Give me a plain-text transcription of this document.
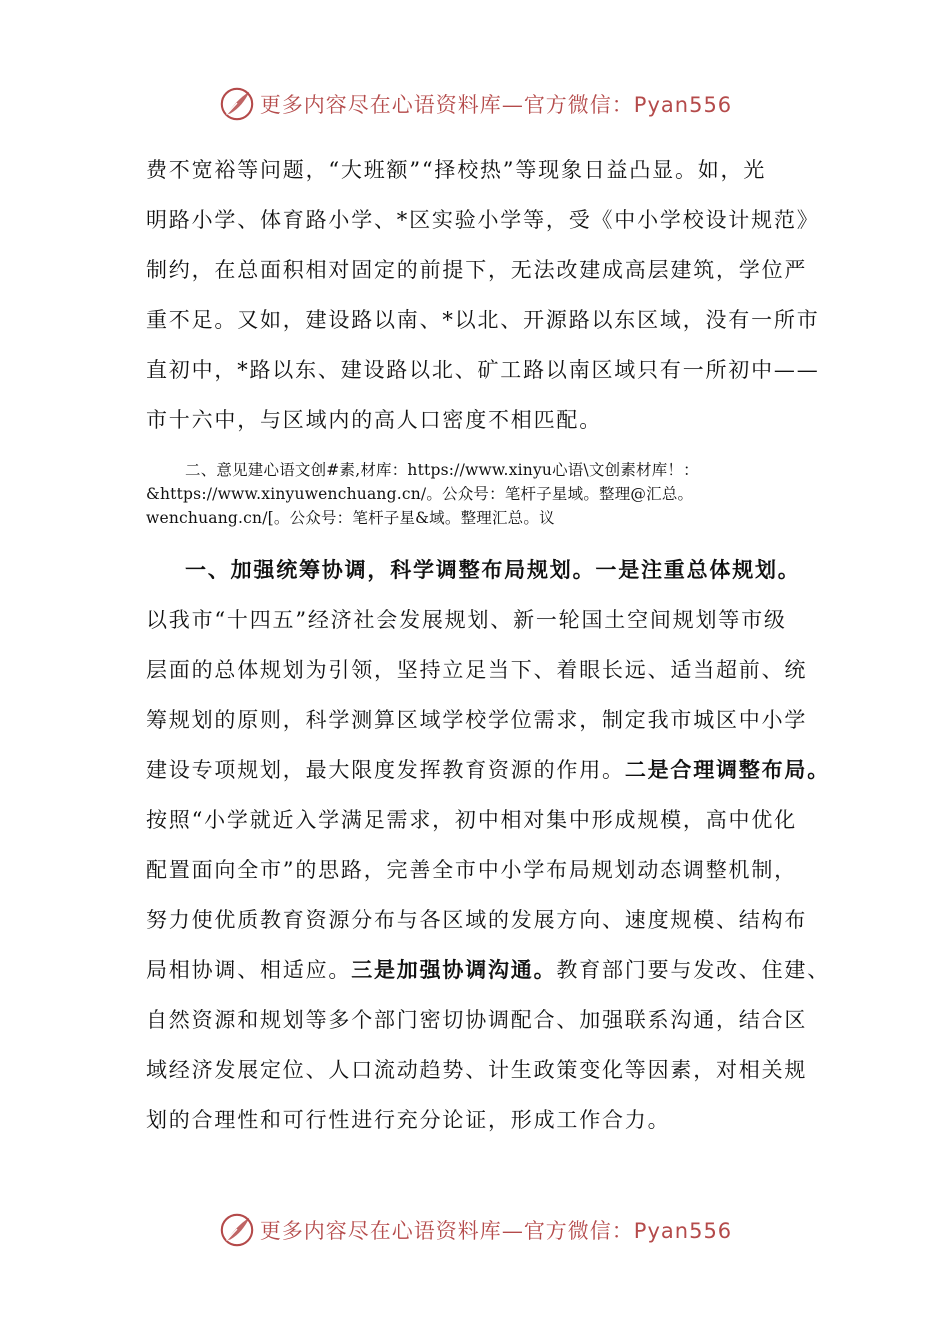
更多内容尽在心语资料库—官方微信：Pyan556
费不宽裕等问题，“大班额”“择校热”等现象日益凸显。如，光
明路小学、体育路小学、*区实验小学等，受《中小学校设计规范》
制约，在总面积相对固定的前提下，无法改建成高层建筑，学位严
重不足。又如，建设路以南、*以北、开源路以东区域，没有一所市
直初中，*路以东、建设路以北、矿工路以南区域只有一所初中——
市十六中，与区域内的高人口密度不相匹配。
二、意见建心语文创#素,材库：https://www.xinyu心语\文创素材库！：
&https://www.xinyuwenchuang.cn/。公众号：笔杆子星域。整理@汇总。
wenchuang.cn/[。公众号：笔杆子星&域。整理汇总。议
一、加强统筹协调，科学调整布局规划。一是注重总体规划。
以我市“十四五”经济社会发展规划、新一轮国土空间规划等市级
层面的总体规划为引领，坚持立足当下、着眼长远、适当超前、统
筹规划的原则，科学测算区域学校学位需求，制定我市城区中小学
建设专项规划，最大限度发挥教育资源的作用。二是合理调整布局。
按照“小学就近入学满足需求，初中相对集中形成规模，高中优化
配置面向全市”的思路，完善全市中小学布局规划动态调整机制，
努力使优质教育资源分布与各区域的发展方向、速度规模、结构布
局相协调、相适应。三是加强协调沟通。教育部门要与发改、住建、
自然资源和规划等多个部门密切协调配合、加强联系沟通，结合区
域经济发展定位、人口流动趋势、计生政策变化等因素，对相关规
划的合理性和可行性进行充分论证，形成工作合力。
更多内容尽在心语资料库—官方微信：Pyan556
